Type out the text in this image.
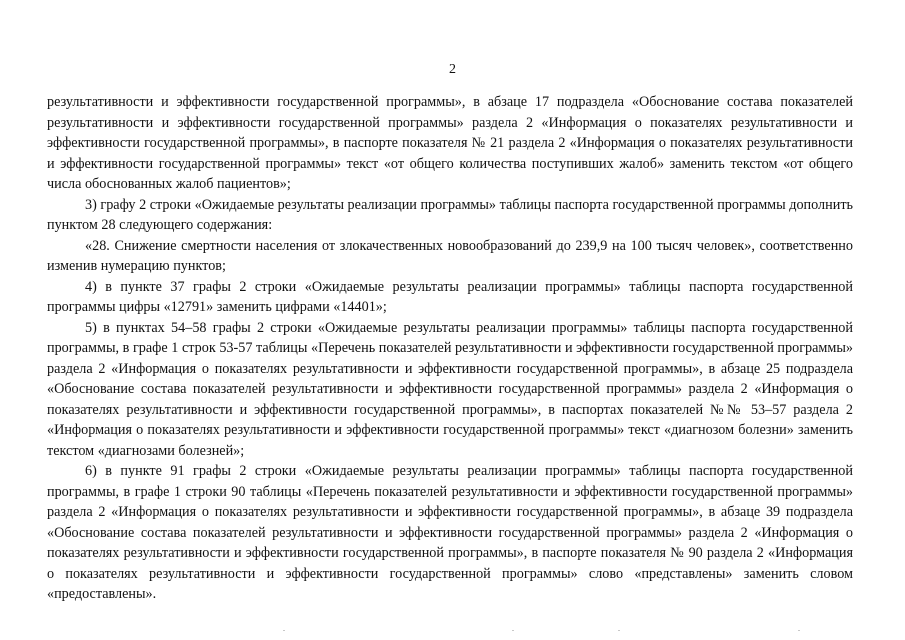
2

результативности и эффективности государственной программы», в абзаце 17 подраздела «Обоснование состава показателей результативности и эффективности государственной программы» раздела 2 «Информация о показателях результативности и эффективности государственной программы», в паспорте показателя № 21 раздела 2 «Информация о показателях результативности и эффективности государственной программы» текст «от общего количества поступивших жалоб» заменить текстом «от общего числа обоснованных жалоб пациентов»;

3) графу 2 строки «Ожидаемые результаты реализации программы» таблицы паспорта государственной программы дополнить пунктом 28 следующего содержания:

«28. Снижение смертности населения от злокачественных новообразований до 239,9 на 100 тысяч человек», соответственно изменив нумерацию пунктов;

4) в пункте 37 графы 2 строки «Ожидаемые результаты реализации программы» таблицы паспорта государственной программы цифры «12791» заменить цифрами «14401»;

5) в пунктах 54–58 графы 2 строки «Ожидаемые результаты реализации программы» таблицы паспорта государственной программы, в графе 1 строк 53-57 таблицы «Перечень показателей результативности и эффективности государственной программы» раздела 2 «Информация о показателях результативности и эффективности государственной программы», в абзаце 25 подраздела «Обоснование состава показателей результативности и эффективности государственной программы» раздела 2 «Информация о показателях результативности и эффективности государственной программы», в паспортах показателей №№ 53–57 раздела 2 «Информация о показателях результативности и эффективности государственной программы» текст «диагнозом болезни» заменить текстом «диагнозами болезней»;

6) в пункте 91 графы 2 строки «Ожидаемые результаты реализации программы» таблицы паспорта государственной программы, в графе 1 строки 90 таблицы «Перечень показателей результативности и эффективности государственной программы» раздела 2 «Информация о показателях результативности и эффективности государственной программы», в абзаце 39 подраздела «Обоснование состава показателей результативности и эффективности государственной программы» раздела 2 «Информация о показателях результативности и эффективности государственной программы», в паспорте показателя № 90 раздела 2 «Информация о показателях результативности и эффективности государственной программы» слово «представлены» заменить словом «предоставлены».
